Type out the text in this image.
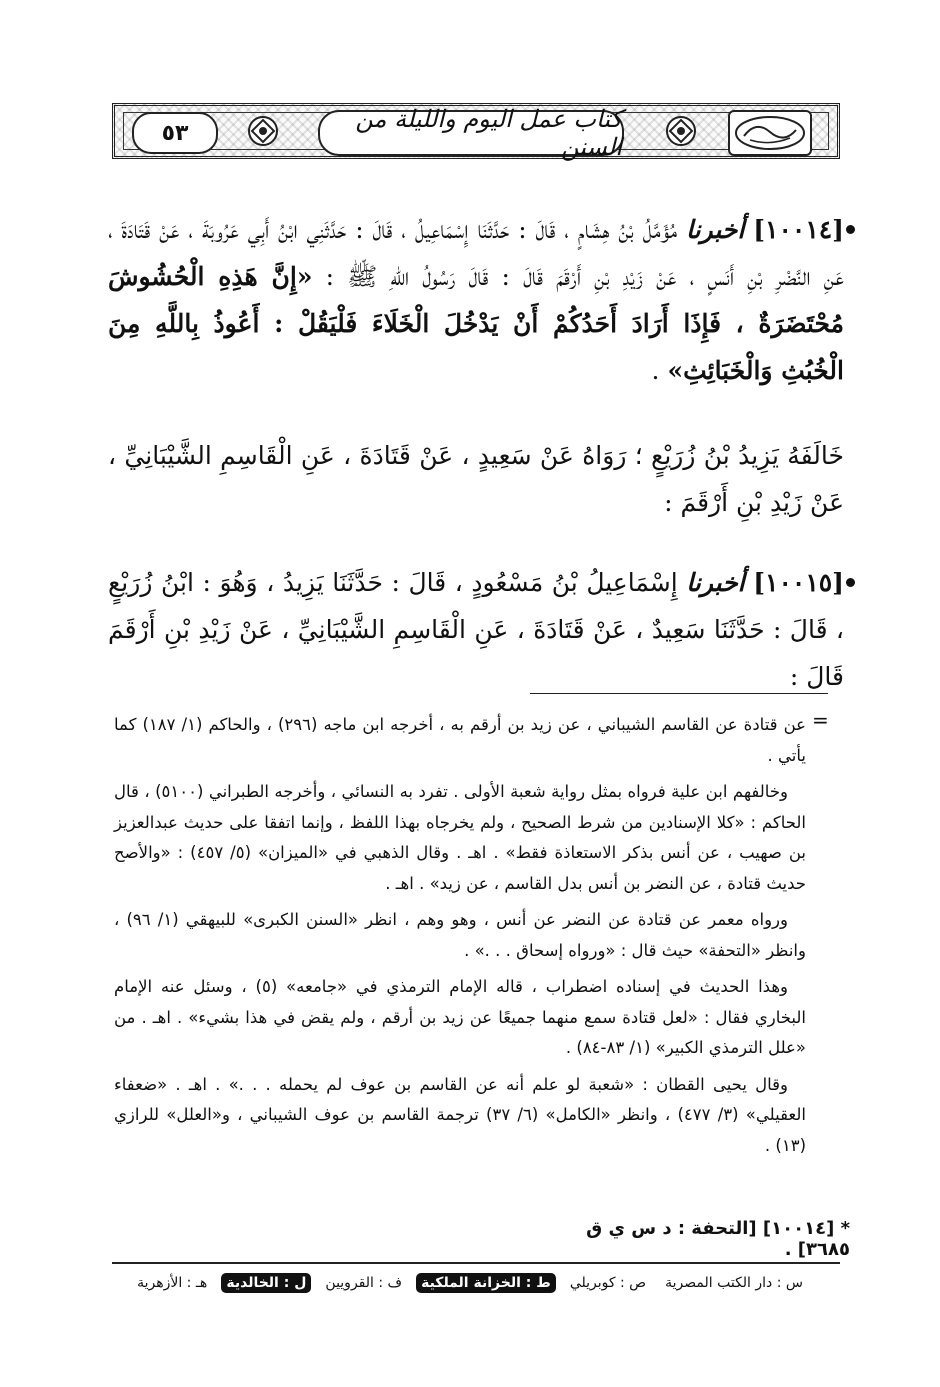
٥٣	كتاب عمل اليوم والليلة من السنن
[١٠٠١٤] أخبرنا مُؤَمَّلُ بْنُ هِشَامٍ ، قَالَ : حَدَّثَنَا إِسْمَاعِيلُ ، قَالَ : حَدَّثَنِي ابْنُ أَبِي عَرُوبَةَ ، عَنْ قَتَادَةَ ، عَنِ النَّضْرِ بْنِ أَنَسٍ ، عَنْ زَيْدِ بْنِ أَرْقَمَ قَالَ : قَالَ رَسُولُ اللهِ ﷺ : «إِنَّ هَذِهِ الْحُشُوشَ مُحْتَضَرَةٌ ، فَإِذَا أَرَادَ أَحَدُكُمْ أَنْ يَدْخُلَ الْخَلَاءَ فَلْيَقُلْ : أَعُوذُ بِاللَّهِ مِنَ الْخُبُثِ وَالْخَبَائِثِ» .
خَالَفَهُ يَزِيدُ بْنُ زُرَيْعٍ ؛ رَوَاهُ عَنْ سَعِيدٍ ، عَنْ قَتَادَةَ ، عَنِ الْقَاسِمِ الشَّيْبَانِيِّ ، عَنْ زَيْدِ بْنِ أَرْقَمَ :
[١٠٠١٥] أخبرنا إِسْمَاعِيلُ بْنُ مَسْعُودٍ ، قَالَ : حَدَّثَنَا يَزِيدُ ، وَهُوَ : ابْنُ زُرَيْعٍ ، قَالَ : حَدَّثَنَا سَعِيدٌ ، عَنْ قَتَادَةَ ، عَنِ الْقَاسِمِ الشَّيْبَانِيِّ ، عَنْ زَيْدِ بْنِ أَرْقَمَ قَالَ :
=

عن قتادة عن القاسم الشيباني ، عن زيد بن أرقم به ، أخرجه ابن ماجه (٢٩٦) ، والحاكم (١/ ١٨٧) كما يأتي .

وخالفهم ابن علية فرواه بمثل رواية شعبة الأولى . تفرد به النسائي ، وأخرجه الطبراني (٥١٠٠) ، قال الحاكم : «كلا الإسنادين من شرط الصحيح ، ولم يخرجاه بهذا اللفظ ، وإنما اتفقا على حديث عبدالعزيز بن صهيب ، عن أنس بذكر الاستعاذة فقط» . اهـ . وقال الذهبي في «الميزان» (٥/ ٤٥٧) : «والأصح حديث قتادة ، عن النضر بن أنس بدل القاسم ، عن زيد» . اهـ .

ورواه معمر عن قتادة عن النضر عن أنس ، وهو وهم ، انظر «السنن الكبرى» للبيهقي (١/ ٩٦) ، وانظر «التحفة» حيث قال : «ورواه إسحاق . . .» .

وهذا الحديث في إسناده اضطراب ، قاله الإمام الترمذي في «جامعه» (٥) ، وسئل عنه الإمام البخاري فقال : «لعل قتادة سمع منهما جميعًا عن زيد بن أرقم ، ولم يقض في هذا بشيء» . اهـ . من «علل الترمذي الكبير» (١/ ٨٣-٨٤) .

وقال يحيى القطان : «شعبة لو علم أنه عن القاسم بن عوف لم يحمله . . .» . اهـ . «ضعفاء العقيلي» (٣/ ٤٧٧) ، وانظر «الكامل» (٦/ ٣٧) ترجمة القاسم بن عوف الشيباني ، و«العلل» للرازي (١٣) .

* [١٠٠١٤] [التحفة : د س ي ق ٣٦٨٥] .
س : دار الكتب المصرية
ص : كوبريلي
ط : الخزانة الملكية
ف : القرويين
ل : الخالدية
هـ : الأزهرية
